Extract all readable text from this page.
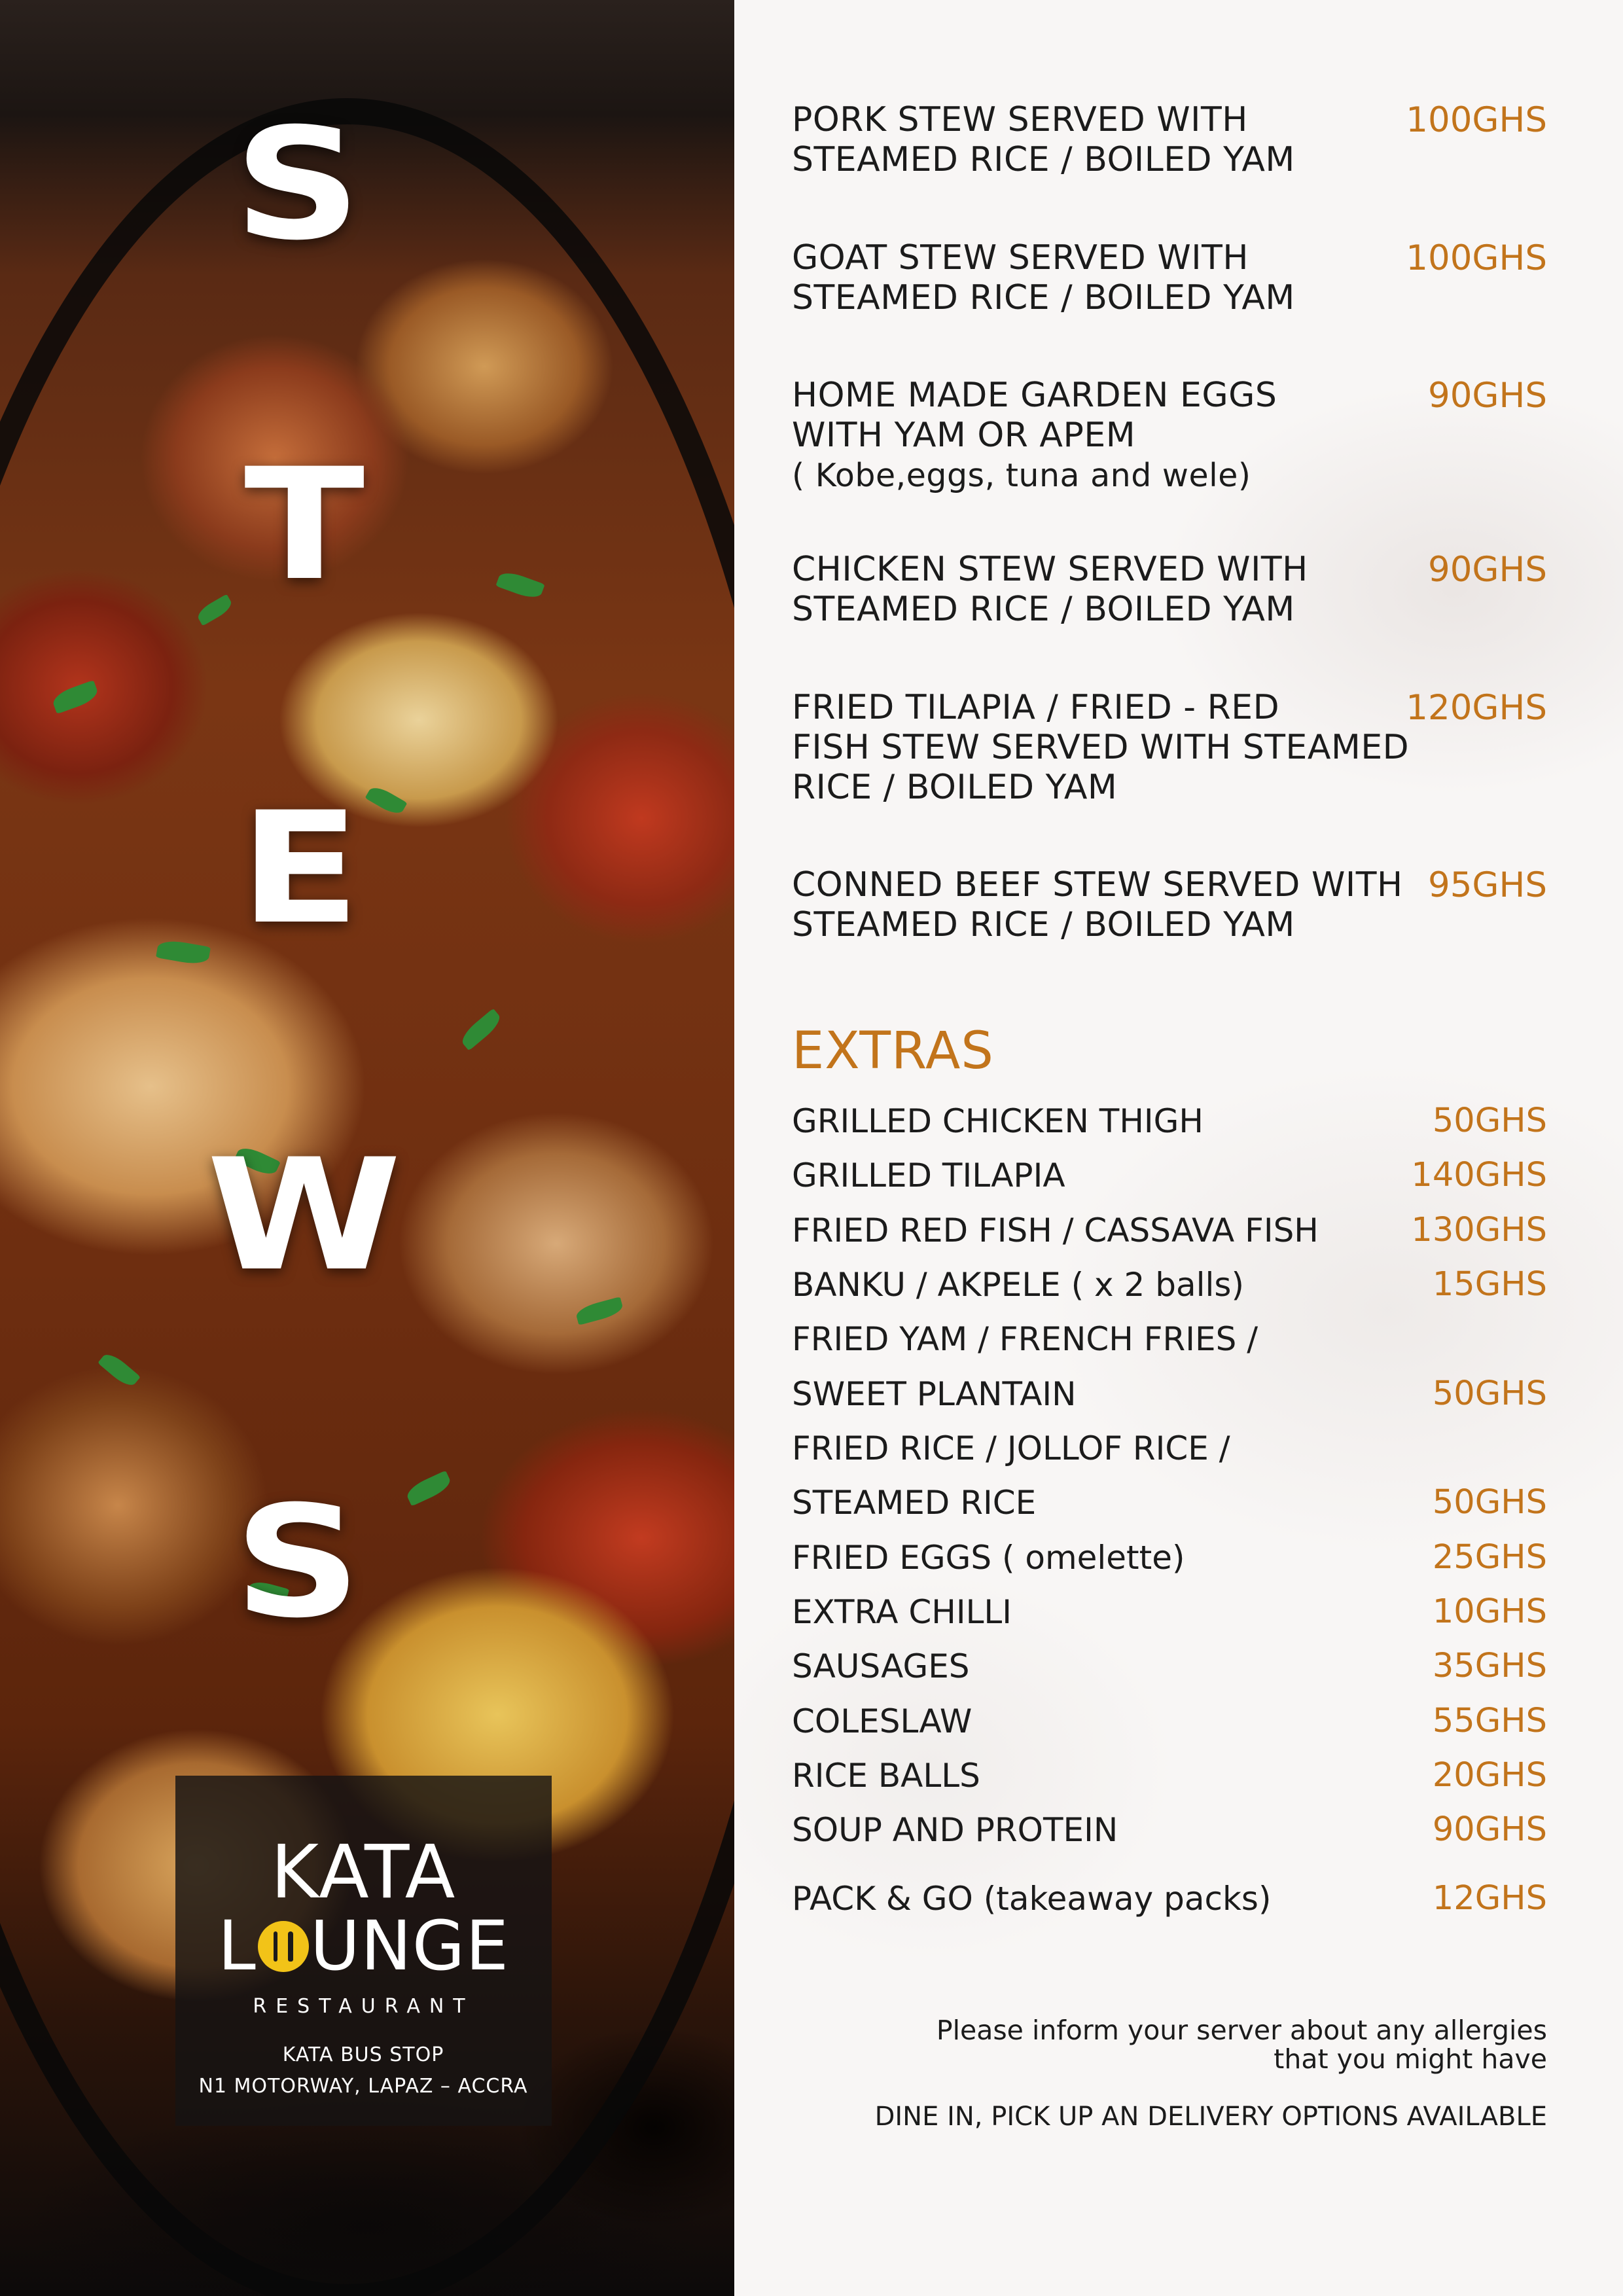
S
T
E
W
S
KATA
L UNGE
RESTAURANT
KATA BUS STOP
N1 MOTORWAY, LAPAZ – ACCRA
PORK STEW SERVED WITH
STEAMED RICE / BOILED YAM
100GHS
GOAT STEW SERVED WITH
STEAMED RICE / BOILED YAM
100GHS
HOME MADE GARDEN EGGS
WITH YAM OR APEM
( Kobe,eggs, tuna and wele)
90GHS
CHICKEN STEW SERVED WITH
STEAMED RICE / BOILED YAM
90GHS
FRIED TILAPIA / FRIED - RED
FISH STEW SERVED WITH STEAMED
RICE / BOILED YAM
120GHS
CONNED BEEF STEW SERVED WITH
STEAMED RICE / BOILED YAM
95GHS
EXTRAS
GRILLED CHICKEN THIGH	50GHS
GRILLED TILAPIA	140GHS
FRIED RED FISH / CASSAVA FISH	130GHS
BANKU / AKPELE ( x 2 balls)	15GHS
FRIED YAM / FRENCH FRIES /
SWEET PLANTAIN	50GHS
FRIED RICE / JOLLOF RICE /
STEAMED RICE	50GHS
FRIED EGGS ( omelette)	25GHS
EXTRA CHILLI	10GHS
SAUSAGES	35GHS
COLESLAW	55GHS
RICE BALLS	20GHS
SOUP AND PROTEIN	90GHS
PACK & GO (takeaway packs)	12GHS
Please inform your server about any allergies
that you might have
DINE IN, PICK UP AN DELIVERY OPTIONS AVAILABLE
